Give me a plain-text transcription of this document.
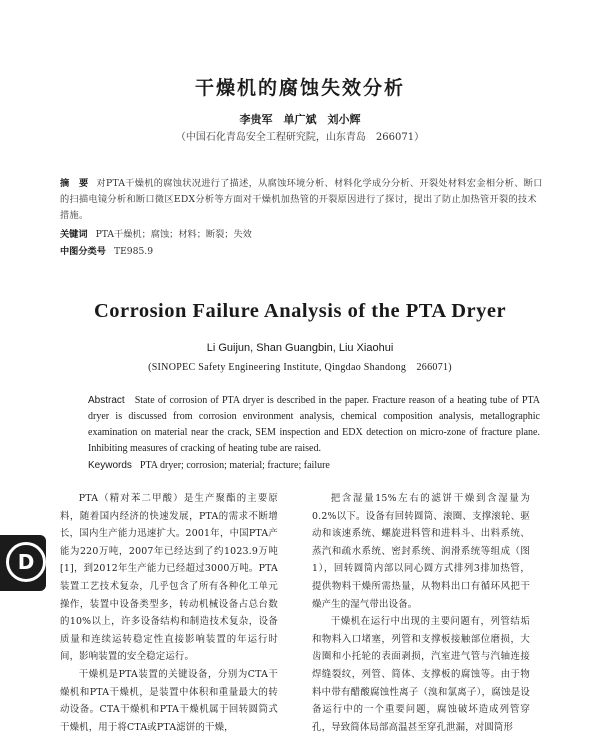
干燥机的腐蚀失效分析
李贵军　单广斌　刘小辉
（中国石化青岛安全工程研究院，山东青岛　266071）
摘　要 对PTA干燥机的腐蚀状况进行了描述，从腐蚀环境分析、材料化学成分分析、开裂处材料宏金相分析、断口的扫描电镜分析和断口微区EDX分析等方面对干燥机加热管的开裂原因进行了探讨，提出了防止加热管开裂的技术措施。
关键词 PTA干燥机；腐蚀；材料；断裂；失效
中图分类号 TE985.9
Corrosion Failure Analysis of the PTA Dryer
Li Guijun, Shan Guangbin, Liu Xiaohui
(SINOPEC Safety Engineering Institute, Qingdao Shandong　266071)
Abstract State of corrosion of PTA dryer is described in the paper. Fracture reason of a heating tube of PTA dryer is discussed from corrosion environment analysis, chemical composition analysis, metallographic examination on material near the crack, SEM inspection and EDX detection on micro-zone of fracture plane. Inhibiting measures of cracking of heating tube are raised.
Keywords PTA dryer; corrosion; material; fracture; failure

PTA（精对苯二甲酸）是生产聚酯的主要原料，随着国内经济的快速发展，PTA的需求不断增长，国内生产能力迅速扩大。2001年，中国PTA产能为220万吨，2007年已经达到了约1023.9万吨[1]，到2012年生产能力已经超过3000万吨。PTA装置工艺技术复杂，几乎包含了所有各种化工单元操作，装置中设备类型多，转动机械设备占总台数的10%以上，许多设备结构和制造技术复杂，设备质量和连续运转稳定性直接影响装置的年运行时间，影响装置的安全稳定运行。

干燥机是PTA装置的关键设备，分别为CTA干燥机和PTA干燥机，是装置中体积和重量最大的转动设备。CTA干燥机和PTA干燥机属于回转圆筒式干燥机，用于将CTA或PTA滤饼的干燥，

把含湿量15%左右的滤饼干燥到含湿量为0.2%以下。设备有回转圆筒、滚圈、支撑滚轮、驱动和该速系统、螺旋进料管和进料斗、出料系统、蒸汽和疏水系统、密封系统、润滑系统等组成（图1），回转圆筒内部以同心圆方式排列3排加热管，提供物料干燥所需热量，从物料出口有循环风把干燥产生的湿气带出设备。

干燥机在运行中出现的主要问题有，列管结垢和物料入口堵塞，列管和支撑板接触部位磨损，大齿圈和小托轮的表面剥损，汽室进气管与汽轴连接焊缝裂纹，列管、简体、支撑板的腐蚀等。由于物料中带有醋酸腐蚀性离子（溴和氯离子），腐蚀是设备运行中的一个重要问题，腐蚀破坏造成列管穿孔，导致简体局部高温甚至穿孔泄漏，对圆筒形

D
